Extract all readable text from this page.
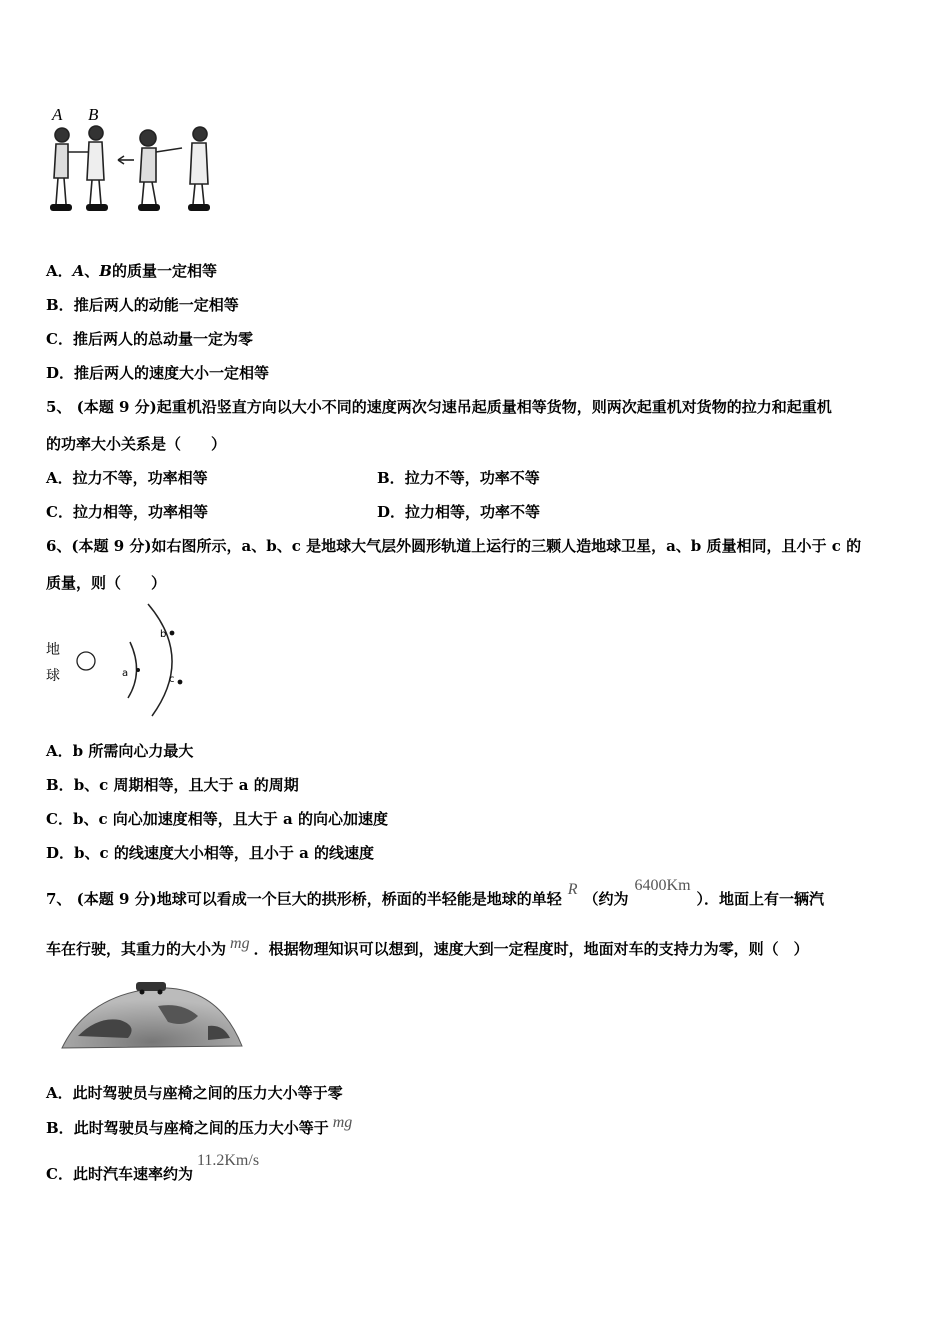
A B
A．A、B的质量一定相等
B．推后两人的动能一定相等
C．推后两人的总动量一定为零
D．推后两人的速度大小一定相等
5、 (本题 9 分)起重机沿竖直方向以大小不同的速度两次匀速吊起质量相等货物，则两次起重机对货物的拉力和起重机
的功率大小关系是（　　）
A．拉力不等，功率相等	B．拉力不等，功率不等
C．拉力相等，功率相等	D．拉力相等，功率不等
6、(本题 9 分)如右图所示，a、b、c 是地球大气层外圆形轨道上运行的三颗人造地球卫星，a、b 质量相同，且小于 c 的
质量，则（　　）
地
球	a
b
c
A．b 所需向心力最大
B．b、c 周期相等，且大于 a 的周期
C．b、c 向心加速度相等，且大于 a 的向心加速度
D．b、c 的线速度大小相等，且小于 a 的线速度
7、 (本题 9 分)地球可以看成一个巨大的拱形桥，桥面的半轻能是地球的单轻R（约为6400Km）．地面上有一辆汽
车在行驶，其重力的大小为 mg ．根据物理知识可以想到，速度大到一定程度时，地面对车的支持力为零，则（　）
A．此时驾驶员与座椅之间的压力大小等于零
B．此时驾驶员与座椅之间的压力大小等于 mg
C．此时汽车速率约为11.2Km/s
